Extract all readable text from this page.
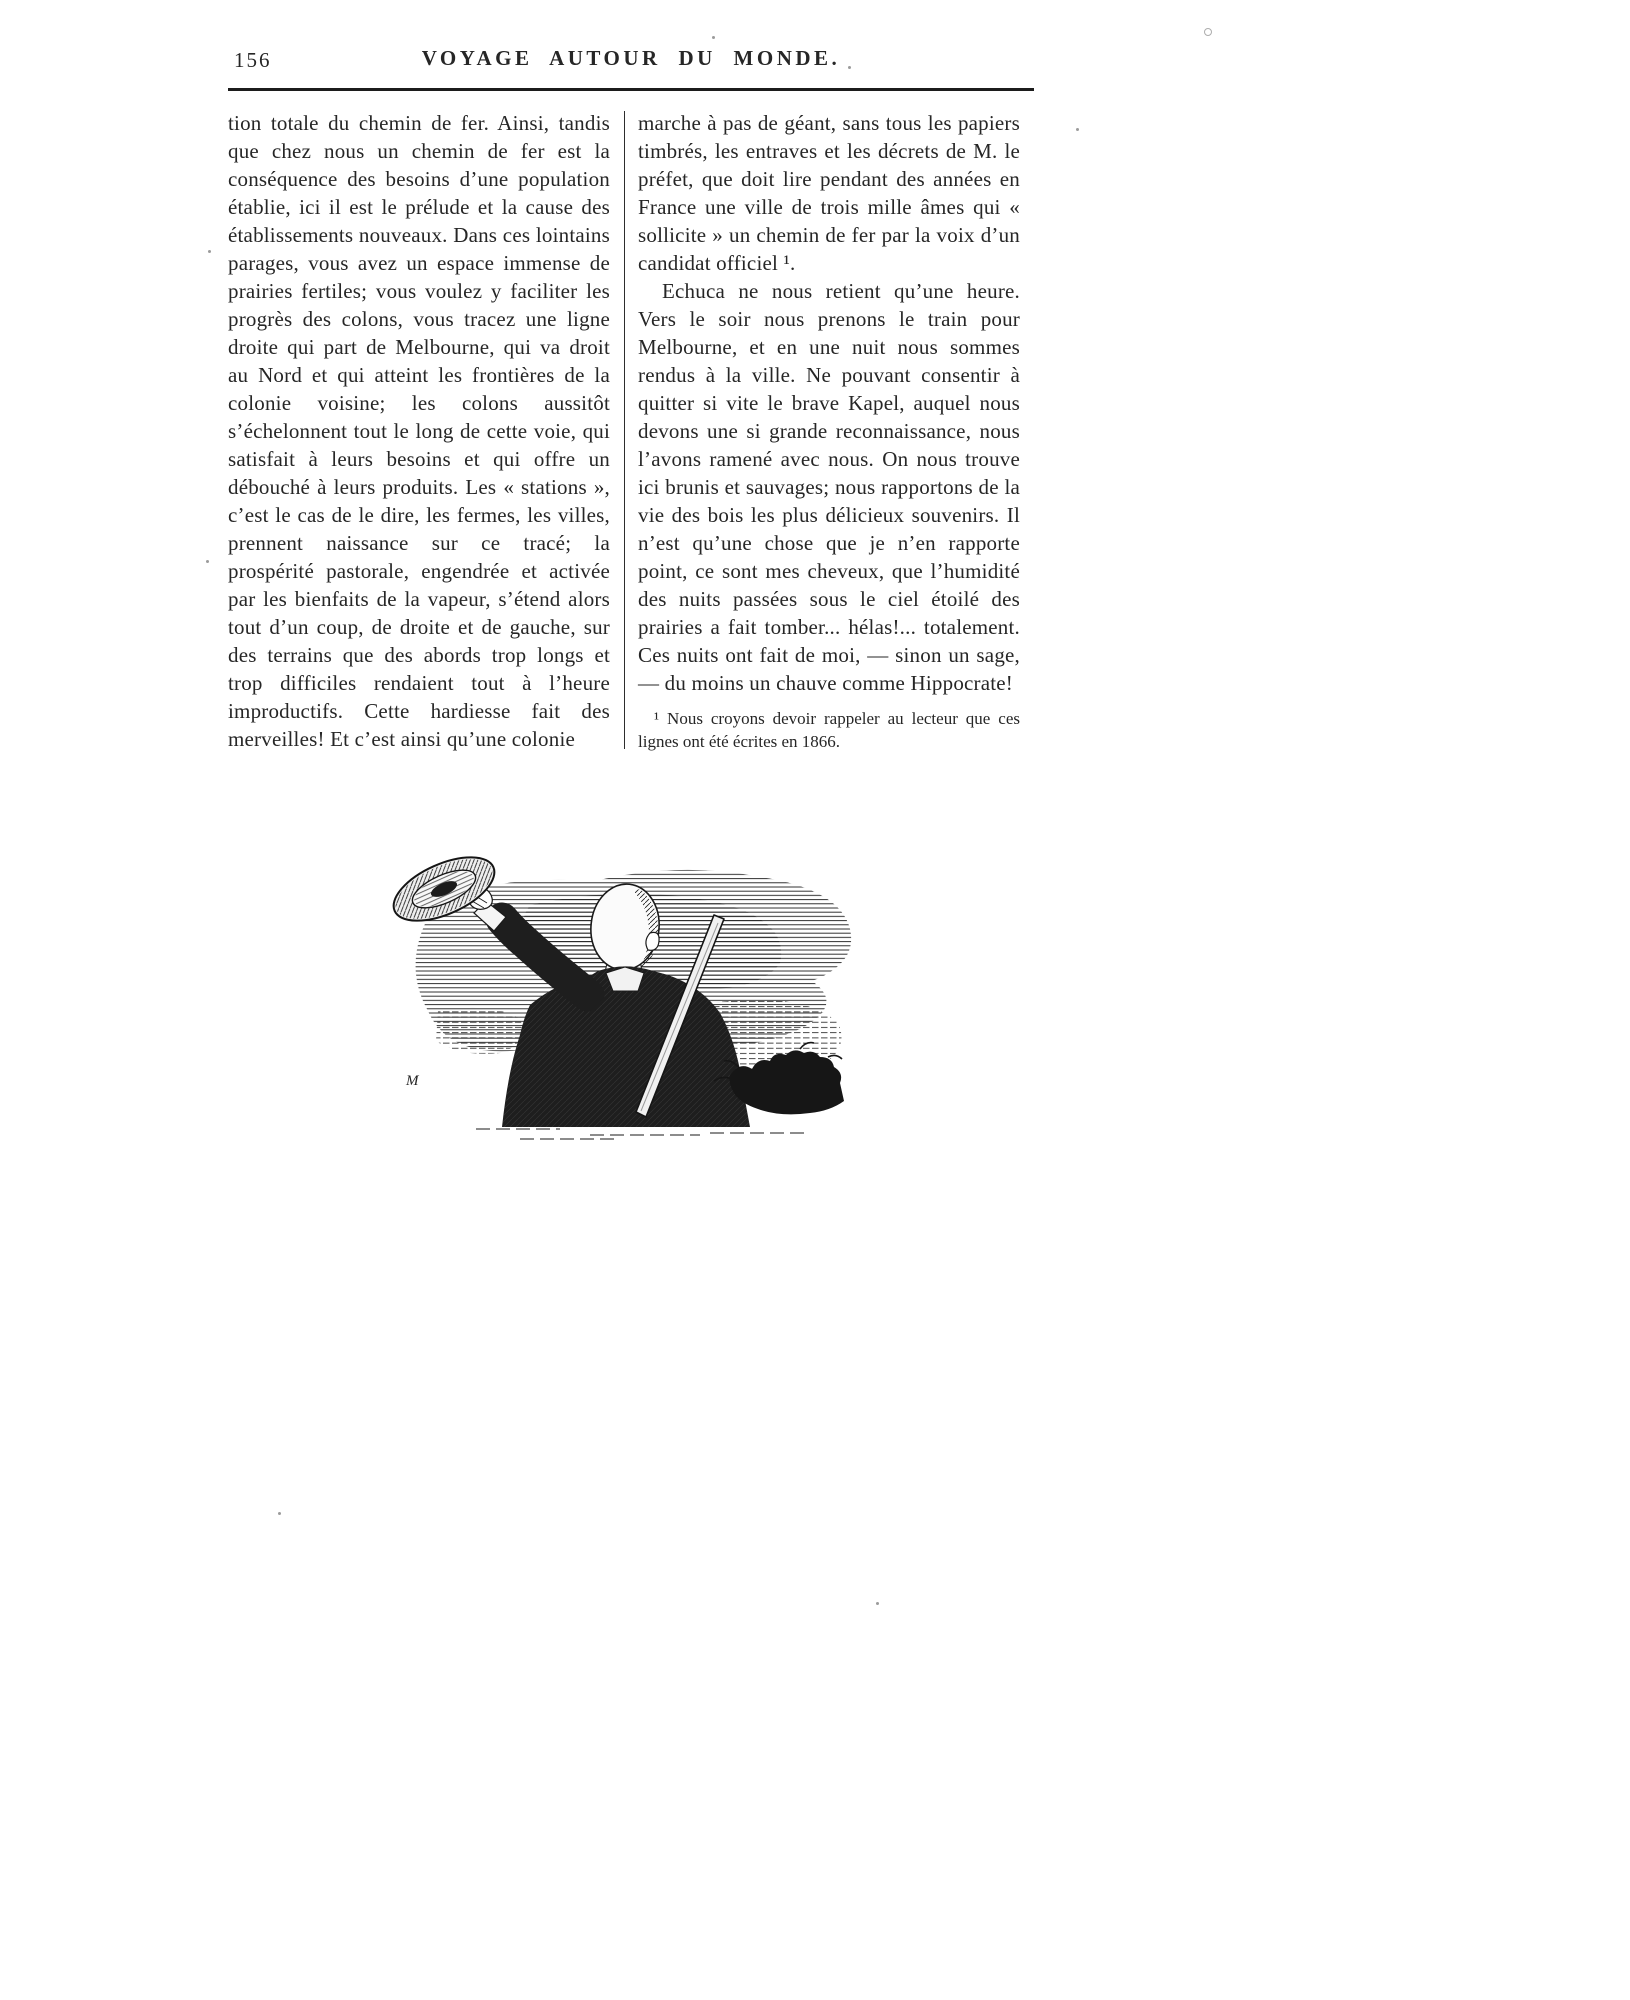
156	VOYAGE AUTOUR DU MONDE.

tion totale du chemin de fer. Ainsi, tandis que chez nous un chemin de fer est la conséquence des besoins d’une population établie, ici il est le prélude et la cause des établissements nouveaux. Dans ces lointains parages, vous avez un espace immense de prairies fertiles; vous voulez y faciliter les progrès des colons, vous tracez une ligne droite qui part de Melbourne, qui va droit au Nord et qui atteint les frontières de la colonie voisine; les colons aussitôt s’échelonnent tout le long de cette voie, qui satisfait à leurs besoins et qui offre un débouché à leurs produits. Les « stations », c’est le cas de le dire, les fermes, les villes, prennent naissance sur ce tracé; la prospérité pastorale, engendrée et activée par les bienfaits de la vapeur, s’étend alors tout d’un coup, de droite et de gauche, sur des terrains que des abords trop longs et trop difficiles rendaient tout à l’heure improductifs. Cette hardiesse fait des merveilles! Et c’est ainsi qu’une colonie

marche à pas de géant, sans tous les papiers timbrés, les entraves et les décrets de M. le préfet, que doit lire pendant des années en France une ville de trois mille âmes qui « sollicite » un chemin de fer par la voix d’un candidat officiel ¹.

Echuca ne nous retient qu’une heure. Vers le soir nous prenons le train pour Melbourne, et en une nuit nous sommes rendus à la ville. Ne pouvant consentir à quitter si vite le brave Kapel, auquel nous devons une si grande reconnaissance, nous l’avons ramené avec nous. On nous trouve ici brunis et sauvages; nous rapportons de la vie des bois les plus délicieux souvenirs. Il n’est qu’une chose que je n’en rapporte point, ce sont mes cheveux, que l’humidité des nuits passées sous le ciel étoilé des prairies a fait tomber... hélas!... totalement. Ces nuits ont fait de moi, — sinon un sage, — du moins un chauve comme Hippocrate!

¹ Nous croyons devoir rappeler au lecteur que ces lignes ont été écrites en 1866.

M
